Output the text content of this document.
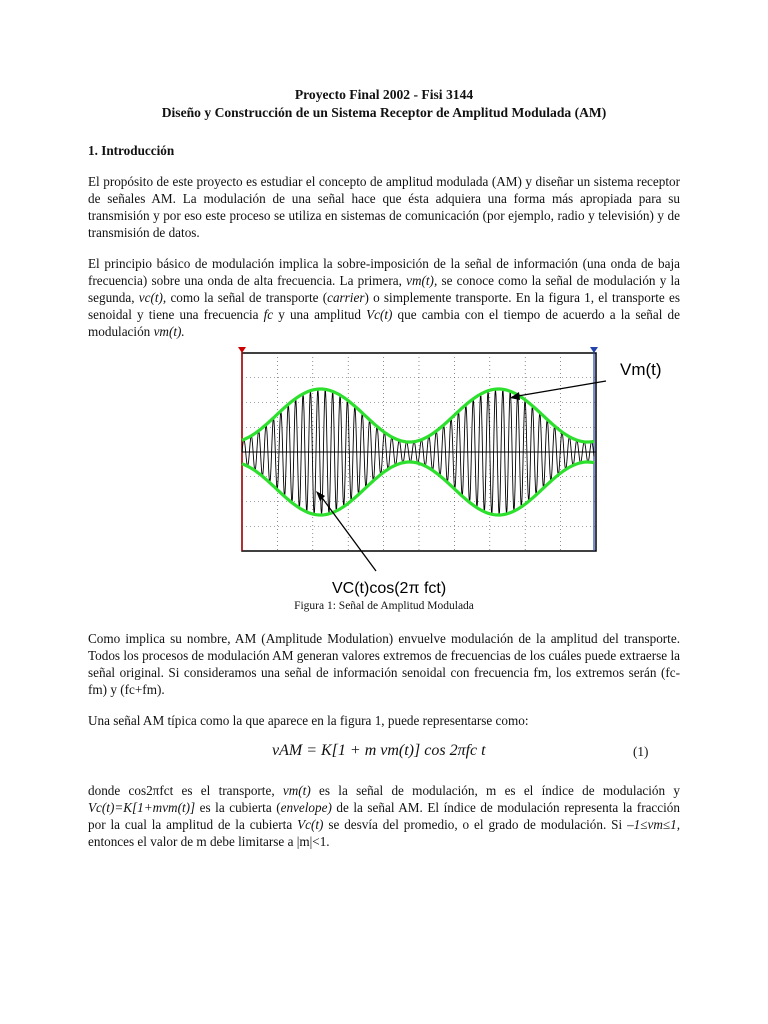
Proyecto Final 2002 - Fisi 3144
Diseño y Construcción de un Sistema Receptor de Amplitud Modulada (AM)
1. Introducción
El propósito de este proyecto es estudiar el concepto de amplitud modulada (AM) y diseñar un sistema receptor de señales AM. La modulación de una señal hace que ésta adquiera una forma más apropiada para su transmisión y por eso este proceso se utiliza en sistemas de comunicación (por ejemplo, radio y televisión) y de transmisión de datos.
El principio básico de modulación implica la sobre-imposición de la señal de información (una onda de baja frecuencia) sobre una onda de alta frecuencia. La primera, vm(t), se conoce como la señal de modulación y la segunda, vc(t), como la señal de transporte (carrier) o simplemente transporte. En la figura 1, el transporte es senoidal y tiene una frecuencia fc y una amplitud Vc(t) que cambia con el tiempo de acuerdo a la señal de modulación vm(t).
Vm(t)
VC(t)cos(2π fct)
Figura 1: Señal de Amplitud Modulada
Como implica su nombre, AM (Amplitude Modulation) envuelve modulación de la amplitud del transporte. Todos los procesos de modulación AM generan valores extremos de frecuencias de los cuáles puede extraerse la señal original. Si consideramos una señal de información senoidal con frecuencia fm, los extremos serán (fc-fm) y (fc+fm).
Una señal AM típica como la que aparece en la figura 1, puede representarse como:
vAM = K[1 + m vm(t)] cos 2πfc t	(1)
donde cos2πfct es el transporte, vm(t) es la señal de modulación, m es el índice de modulación y Vc(t)=K[1+mvm(t)] es la cubierta (envelope) de la señal AM. El índice de modulación representa la fracción por la cual la amplitud de la cubierta Vc(t) se desvía del promedio, o el grado de modulación. Si –1≤vm≤1, entonces el valor de m debe limitarse a |m|<1.
